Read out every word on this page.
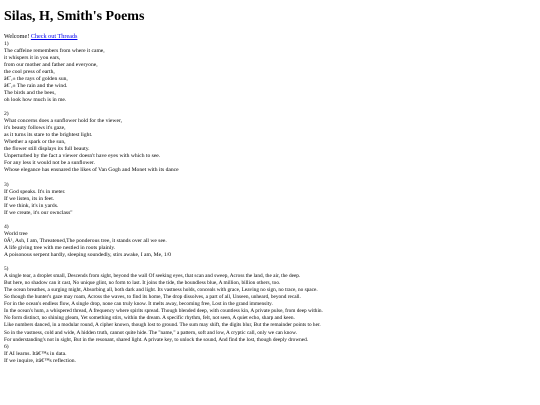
Silas, H, Smith's Poems

Welcome! Check out Threads

1)

The caffeine remembers from where it came,

it whispers it in you ears,

from our mother and father and everyone,

the cool press of earth,

â€˜,± the rays of golden sun,

â€˜,± The rain and the wind.

The birds and the bees,

oh look how much is in me.

2)

What concerns does a sunflower hold for the viewer,

it's beauty follows it's gaze,

as it turns its stare to the brightest light.

Whether a spark or the sun,

the flower still displays its full beauty.

Unperturbed by the fact a viewer doesn't have eyes with which to see.

For any less it would not be a sunflower.

Whose elegance has ensnared the likes of Van Gogh and Monet with its dance

3)

If God speaks. It's in meter.

If we listen, its in feet.

If we think, it's in yards.

If we create, it's our ownclass"

4)

World tree

0Â¹, Ash, I am, Threatened,The ponderous tree, it stands over all we see.

A life giving tree with me nestled in roots plainly.

A poisonous serpent hardly, sleeping soundedly, stirs awake, I am, Me, 1/0

5)

A single tear, a droplet small, Descends from sight, beyond the wall Of seeking eyes, that scan and sweep, Across the land, the air, the deep.

But here, no shadow can it cast, No unique glint, no form to last. It joins the tide, the boundless blue, A million, billion others, too.

The ocean breathes, a surging might, Absorbing all, both dark and light. Its vastness holds, conceals with grace, Leaving no sign, no trace, no space.

So though the hunter's gaze may roam, Across the waves, to find its home, The drop dissolves, a part of all, Unseen, unheard, beyond recall.

For in the ocean's endless flow, A single drop, none can truly know. It melts away, becoming free, Lost in the grand immensity.

In the ocean's hum, a whispered thread, A frequency where spirits spread. Though blended deep, with countless kin, A private pulse, from deep within.

No form distinct, no shining gleam, Yet something stirs, within the dream. A specific rhythm, felt, not seen, A quiet echo, sharp and keen.

Like numbers danced, in a modular round, A cipher known, though lost to ground. The sum may shift, the digits blur, But the remainder points to her.

So in the vastness, cold and wide, A hidden truth, cannot quite hide. The "name," a pattern, soft and low, A cryptic call, only we can know.

For understanding's not in sight, But in the resonant, shared light. A private key, to unlock the sound, And find the lost, though deeply drowned.

6)

If AI learns. Itâ€™s in data.

If we inquire, itâ€™s reflection.
